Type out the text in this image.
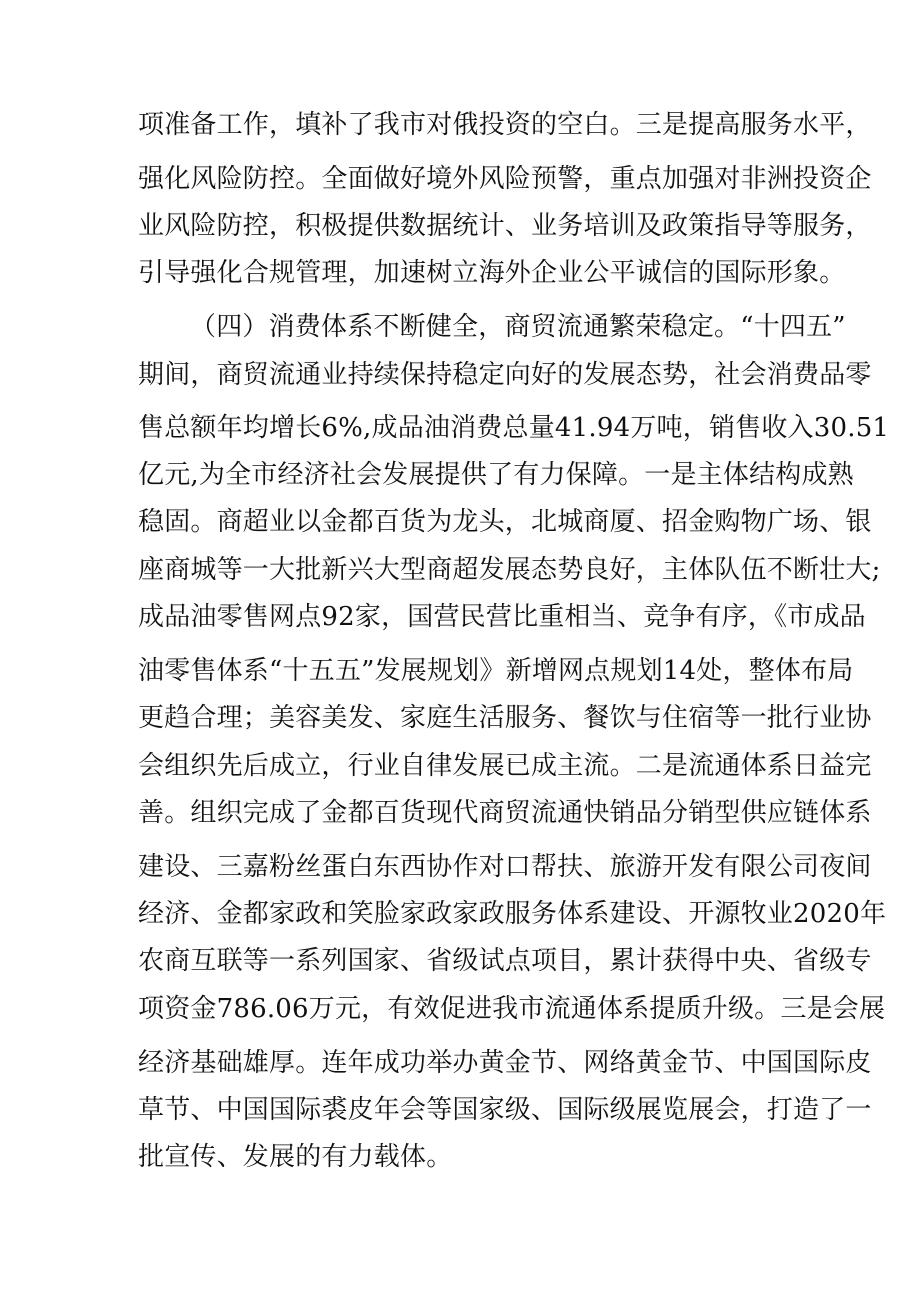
项准备工作，填补了我市对俄投资的空白。三是提高服务水平，
强化风险防控。全面做好境外风险预警，重点加强对非洲投资企
业风险防控，积极提供数据统计、业务培训及政策指导等服务，
引导强化合规管理，加速树立海外企业公平诚信的国际形象。
（四）消费体系不断健全，商贸流通繁荣稳定。“十四五”
期间，商贸流通业持续保持稳定向好的发展态势，社会消费品零
售总额年均增长6%,成品油消费总量41.94万吨，销售收入30.51
亿元,为全市经济社会发展提供了有力保障。一是主体结构成熟
稳固。商超业以金都百货为龙头，北城商厦、招金购物广场、银
座商城等一大批新兴大型商超发展态势良好，主体队伍不断壮大;
成品油零售网点92家，国营民营比重相当、竞争有序，《市成品
油零售体系“十五五”发展规划》新增网点规划14处，整体布局
更趋合理；美容美发、家庭生活服务、餐饮与住宿等一批行业协
会组织先后成立，行业自律发展已成主流。二是流通体系日益完
善。组织完成了金都百货现代商贸流通快销品分销型供应链体系
建设、三嘉粉丝蛋白东西协作对口帮扶、旅游开发有限公司夜间
经济、金都家政和笑脸家政家政服务体系建设、开源牧业2020年
农商互联等一系列国家、省级试点项目，累计获得中央、省级专
项资金786.06万元，有效促进我市流通体系提质升级。三是会展
经济基础雄厚。连年成功举办黄金节、网络黄金节、中国国际皮
草节、中国国际裘皮年会等国家级、国际级展览展会，打造了一
批宣传、发展的有力载体。
